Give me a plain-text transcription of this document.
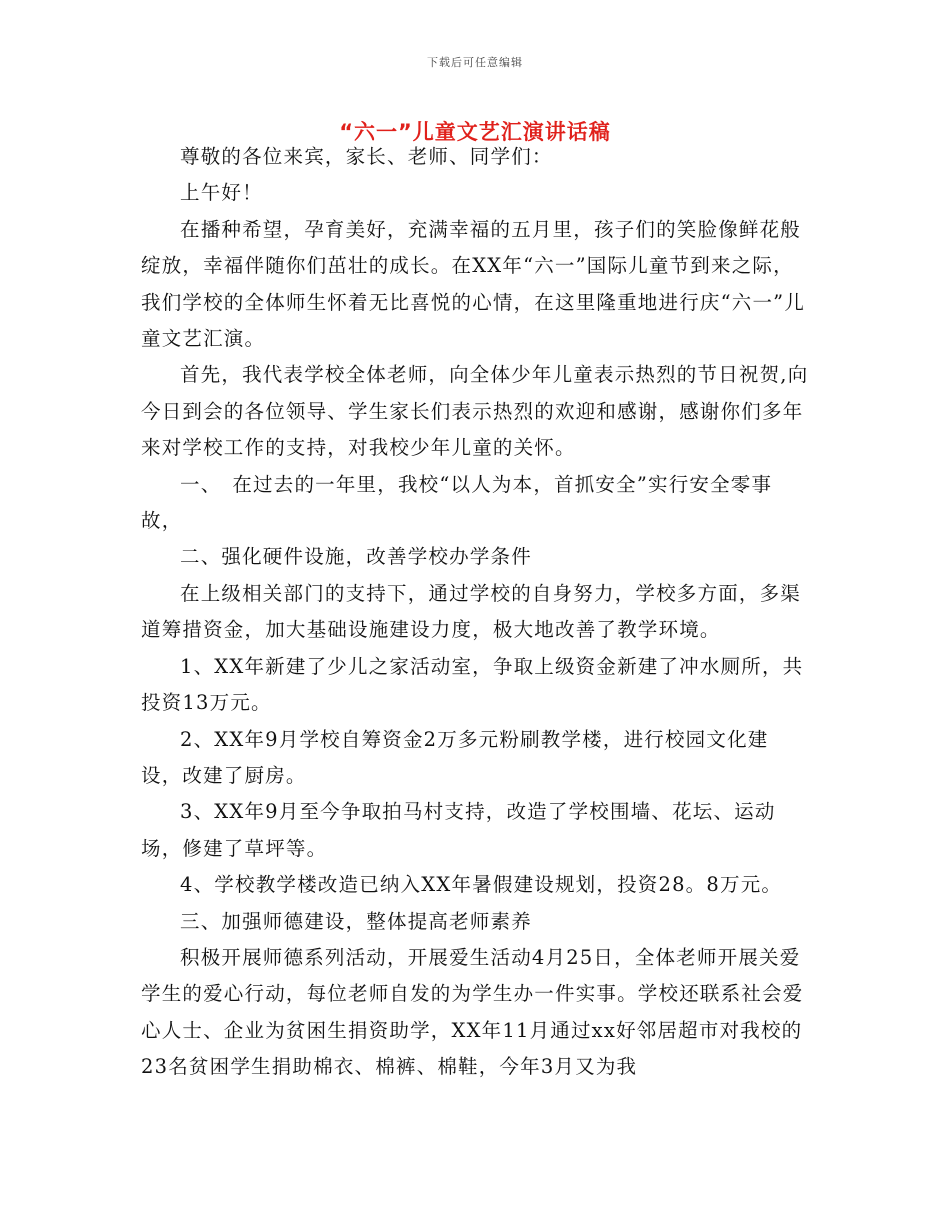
下载后可任意编辑
“六一”儿童文艺汇演讲话稿

尊敬的各位来宾，家长、老师、同学们：

上午好！

在播种希望，孕育美好，充满幸福的五月里，孩子们的笑脸像鲜花般绽放，幸福伴随你们茁壮的成长。在XX年“六一”国际儿童节到来之际，我们学校的全体师生怀着无比喜悦的心情，在这里隆重地进行庆“六一”儿童文艺汇演。

首先，我代表学校全体老师，向全体少年儿童表示热烈的节日祝贺,向今日到会的各位领导、学生家长们表示热烈的欢迎和感谢，感谢你们多年来对学校工作的支持，对我校少年儿童的关怀。

一、　在过去的一年里，我校“以人为本，首抓安全”实行安全零事故，

二、强化硬件设施，改善学校办学条件

在上级相关部门的支持下，通过学校的自身努力，学校多方面，多渠道筹措资金，加大基础设施建设力度，极大地改善了教学环境。

1、XX年新建了少儿之家活动室，争取上级资金新建了冲水厕所，共投资13万元。

2、XX年9月学校自筹资金2万多元粉刷教学楼，进行校园文化建设，改建了厨房。

3、XX年9月至今争取拍马村支持，改造了学校围墙、花坛、运动场，修建了草坪等。

4、学校教学楼改造已纳入XX年暑假建设规划，投资28。8万元。

三、加强师德建设，整体提高老师素养

积极开展师德系列活动，开展爱生活动4月25日，全体老师开展关爱学生的爱心行动，每位老师自发的为学生办一件实事。学校还联系社会爱心人士、企业为贫困生捐资助学，XX年11月通过xx好邻居超市对我校的23名贫困学生捐助棉衣、棉裤、棉鞋，今年3月又为我
